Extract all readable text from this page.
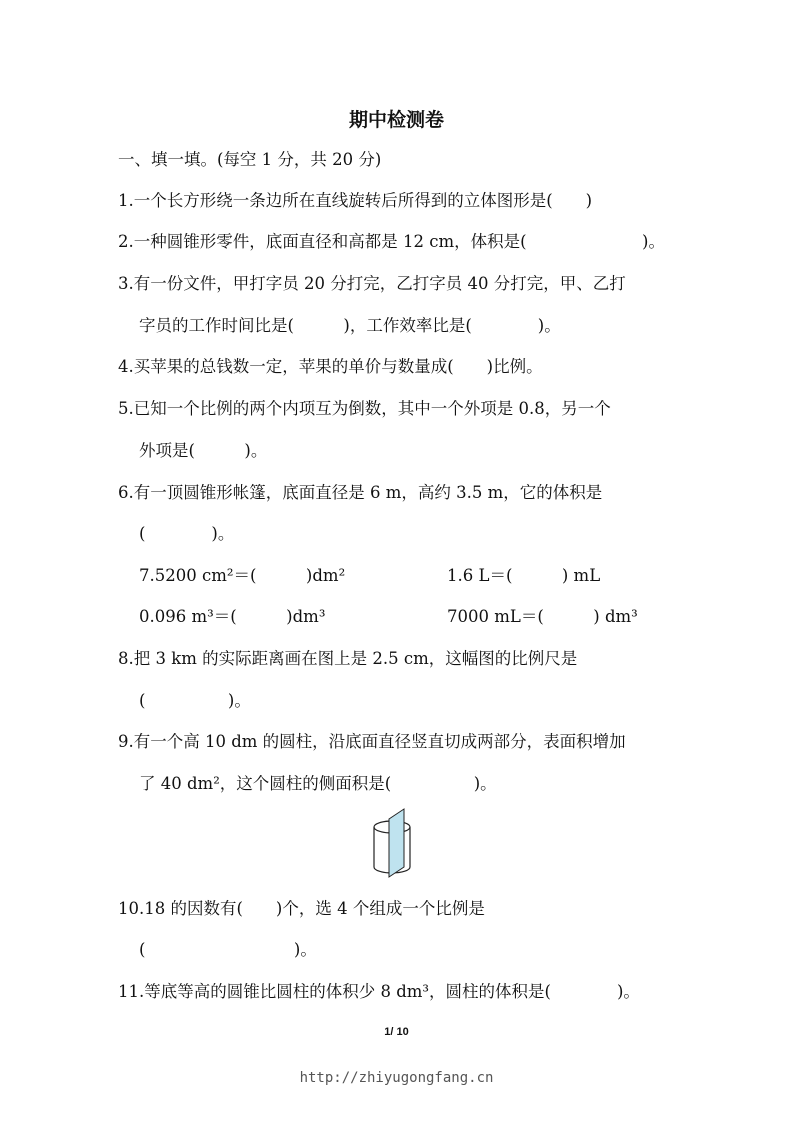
期中检测卷
一、填一填。(每空 1 分，共 20 分)
1.一个长方形绕一条边所在直线旋转后所得到的立体图形是(　　)
2.一种圆锥形零件，底面直径和高都是 12 cm，体积是(　　　　　　　)。
3.有一份文件，甲打字员 20 分打完，乙打字员 40 分打完，甲、乙打
字员的工作时间比是(　　　)，工作效率比是(　　　　)。
4.买苹果的总钱数一定，苹果的单价与数量成(　　)比例。
5.已知一个比例的两个内项互为倒数，其中一个外项是 0.8，另一个
外项是(　　　)。
6.有一顶圆锥形帐篷，底面直径是 6 m，高约 3.5 m，它的体积是
(　　　　)。
7.5200 cm²＝(　　　)dm²	1.6 L＝(　　　) mL
0.096 m³＝(　　　)dm³	7000 mL＝(　　　) dm³
8.把 3 km 的实际距离画在图上是 2.5 cm，这幅图的比例尺是
(　　　　　)。
9.有一个高 10 dm 的圆柱，沿底面直径竖直切成两部分，表面积增加
了 40 dm²，这个圆柱的侧面积是(　　　　　)。
10.18 的因数有(　　)个，选 4 个组成一个比例是
(　　　　　　　　　)。
11.等底等高的圆锥比圆柱的体积少 8 dm³，圆柱的体积是(　　　　)。
1/ 10
http://zhiyugongfang.cn
